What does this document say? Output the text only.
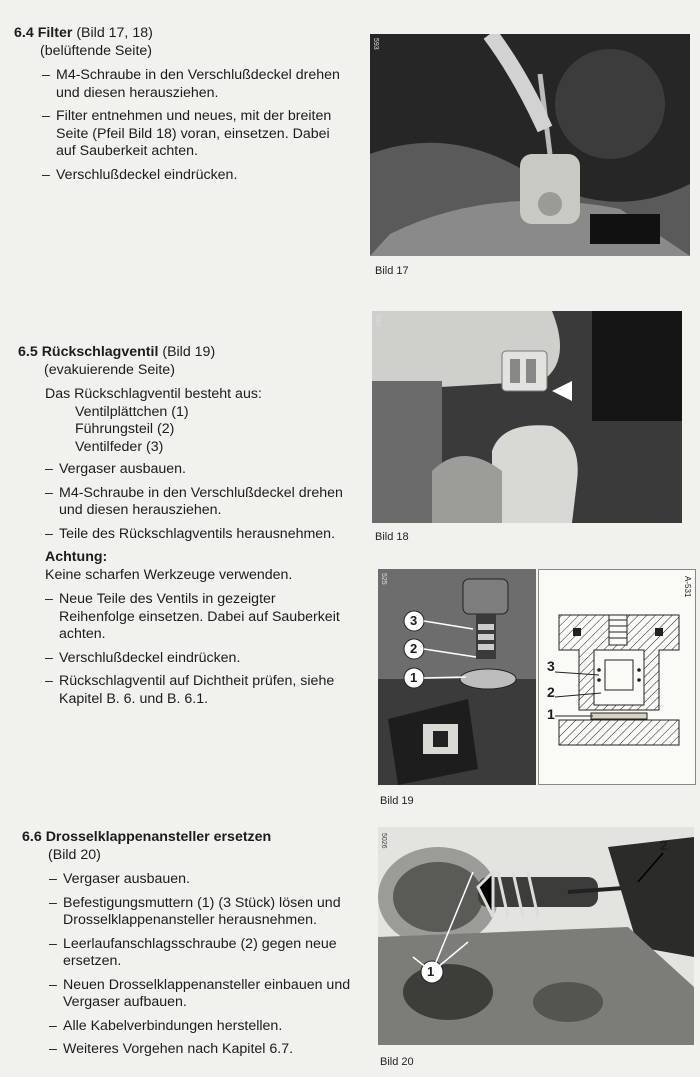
6.4 Filter (Bild 17, 18)
(belüftende Seite)
– M4-Schraube in den Verschlußdeckel drehen und diesen herausziehen.
– Filter entnehmen und neues, mit der breiten Seite (Pfeil Bild 18) voran, einsetzen. Dabei auf Sauberkeit achten.
– Verschlußdeckel eindrücken.
593
Bild 17
6.5 Rückschlagventil (Bild 19)
(evakuierende Seite)
Das Rückschlagventil besteht aus:
Ventilplättchen (1)
Führungsteil (2)
Ventilfeder (3)
– Vergaser ausbauen.
– M4-Schraube in den Verschlußdeckel drehen und diesen herausziehen.
– Teile des Rückschlagventils herausnehmen.
Achtung:
Keine scharfen Werkzeuge verwenden.
– Neue Teile des Ventils in gezeigter Reihenfolge einsetzen. Dabei auf Sauberkeit achten.
– Verschlußdeckel eindrücken.
– Rückschlagventil auf Dichtheit prüfen, siehe Kapitel B. 6. und B. 6.1.
593
Bild 18
3
2
1
525
3
2
1
A-531
Bild 19
6.6 Drosselklappenansteller ersetzen
(Bild 20)
– Vergaser ausbauen.
– Befestigungsmuttern (1) (3 Stück) lösen und Drosselklappenansteller herausnehmen.
– Leerlaufanschlagsschraube (2) gegen neue ersetzen.
– Neuen Drosselklappenansteller einbauen und Vergaser aufbauen.
– Alle Kabelverbindungen herstellen.
– Weiteres Vorgehen nach Kapitel 6.7.
1
2
5026
Bild 20
